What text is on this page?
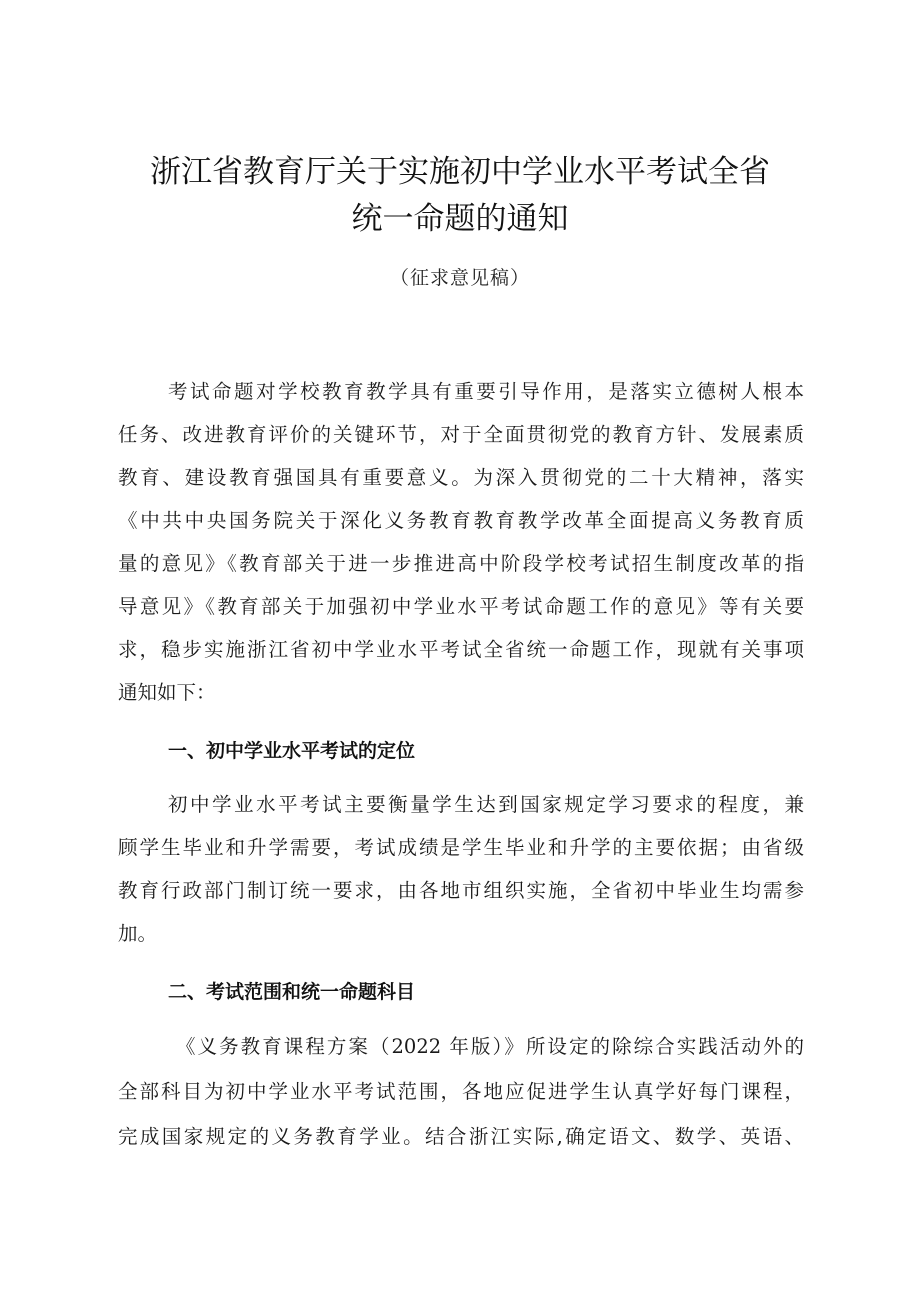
浙江省教育厅关于实施初中学业水平考试全省
统一命题的通知
（征求意见稿）
考试命题对学校教育教学具有重要引导作用，是落实立德树人根本
任务、改进教育评价的关键环节，对于全面贯彻党的教育方针、发展素质
教育、建设教育强国具有重要意义。为深入贯彻党的二十大精神，落实
《中共中央国务院关于深化义务教育教育教学改革全面提高义务教育质
量的意见》《教育部关于进一步推进高中阶段学校考试招生制度改革的指
导意见》《教育部关于加强初中学业水平考试命题工作的意见》等有关要
求，稳步实施浙江省初中学业水平考试全省统一命题工作，现就有关事项
通知如下：
一、初中学业水平考试的定位
初中学业水平考试主要衡量学生达到国家规定学习要求的程度，兼
顾学生毕业和升学需要，考试成绩是学生毕业和升学的主要依据；由省级
教育行政部门制订统一要求，由各地市组织实施，全省初中毕业生均需参
加。
二、考试范围和统一命题科目
《义务教育课程方案（2022 年版）》所设定的除综合实践活动外的
全部科目为初中学业水平考试范围，各地应促进学生认真学好每门课程，
完成国家规定的义务教育学业。结合浙江实际,确定语文、数学、英语、
